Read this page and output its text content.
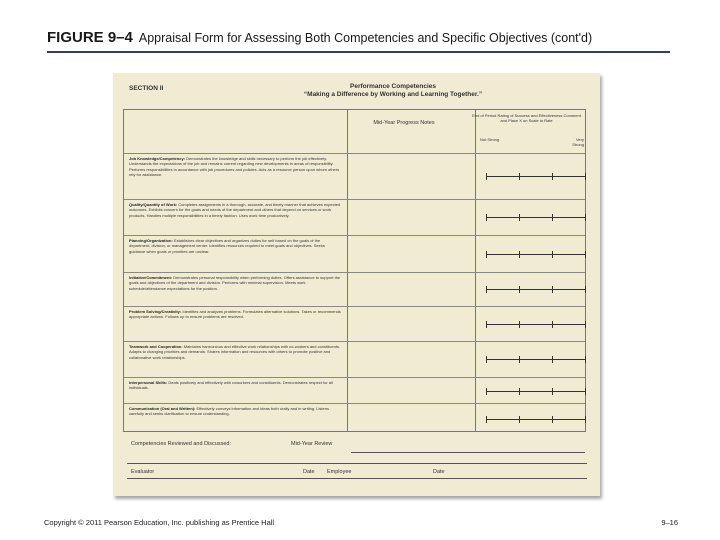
FIGURE 9–4 Appraisal Form for Assessing Both Competencies and Specific Objectives (cont'd)
SECTION II	Performance Competencies
“Making a Difference by Working and Learning Together.”
Mid-Year Progress Notes
End of Period Rating of Success and Effectiveness Comment and Place X on Scale to Rate
Not Strong	Very Strong
Job Knowledge/Competency: Demonstrates the knowledge and skills necessary to perform the job effectively. Understands the expectations of the job and remains current regarding new developments in areas of responsibility. Performs responsibilities in accordance with job procedures and policies. Acts as a resource person upon whom others rely for assistance.
Quality/Quantity of Work: Completes assignments in a thorough, accurate, and timely manner that achieves expected outcomes. Exhibits concern for the goals and needs of the department and others that depend on services or work products. Handles multiple responsibilities in a timely fashion. Uses work time productively.
Planning/Organization: Establishes clear objectives and organizes duties for self based on the goals of the department, division, or management center. Identifies resources required to meet goals and objectives. Seeks guidance when goals or priorities are unclear.
Initiative/Commitment: Demonstrates personal responsibility when performing duties. Offers assistance to support the goals and objectives of the department and division. Performs with minimal supervision. Meets work schedule/attendance expectations for the position.
Problem Solving/Creativity: Identifies and analyzes problems. Formulates alternative solutions. Takes or recommends appropriate actions. Follows up to ensure problems are resolved.
Teamwork and Cooperation: Maintains harmonious and effective work relationships with co-workers and constituents. Adapts to changing priorities and demands. Shares information and resources with others to promote positive and collaborative work relationships.
Interpersonal Skills: Deals positively and effectively with coworkers and constituents. Demonstrates respect for all individuals.
Communication (Oral and Written): Effectively conveys information and ideas both orally and in writing. Listens carefully and seeks clarification to ensure understanding.
Competencies Reviewed and Discussed:	Mid-Year Review
Evaluator	Date Employee	Date
Copyright © 2011 Pearson Education, Inc. publishing as Prentice Hall	9–16
